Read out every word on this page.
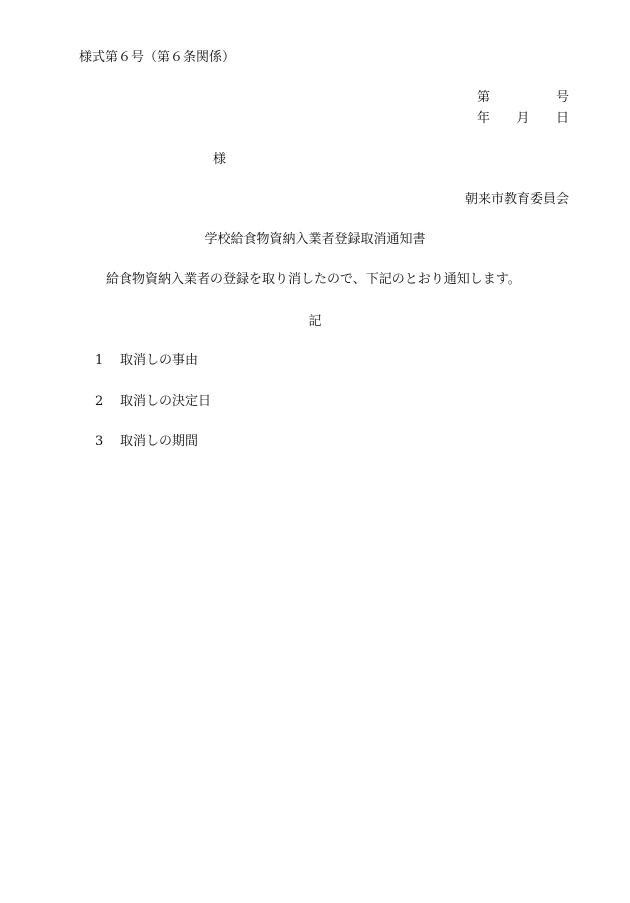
様式第６号（第６条関係）
第	号
年 月 日
様
朝来市教育委員会
学校給食物資納入業者登録取消通知書
給食物資納入業者の登録を取り消したので、下記のとおり通知します。
記
1	取消しの事由
2	取消しの決定日
3	取消しの期間
